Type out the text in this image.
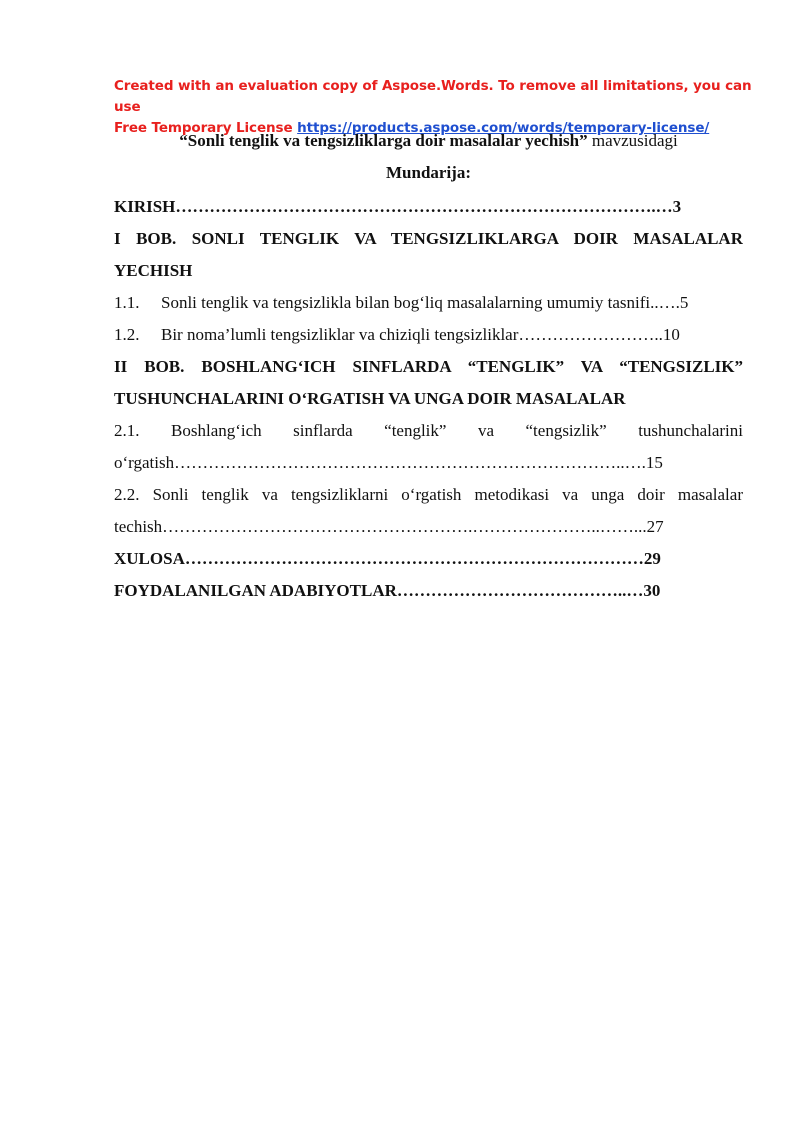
Created with an evaluation copy of Aspose.Words. To remove all limitations, you can use
Free Temporary License https://products.aspose.com/words/temporary-license/
“Sonli tenglik va tengsizliklarga doir masalalar yechish” mavzusidagi
Mundarija:
KIRISH………………………………………………………………………….…3
I BOB. SONLI TENGLIK VA TENGSIZLIKLARGA DOIR MASALALAR
YECHISH
1.1. Sonli tenglik va tengsizlikla bilan bog‘liq masalalarning umumiy tasnifi..….5
1.2. Bir noma’lumli tengsizliklar va chiziqli tengsizliklar……………………..10
II BOB. BOSHLANG‘ICH SINFLARDA “TENGLIK” VA “TENGSIZLIK”
TUSHUNCHALARINI O‘RGATISH VA UNGA DOIR MASALALAR
2.1. Boshlang‘ich sinflarda “tenglik” va “tengsizlik” tushunchalarini
o‘rgatish……………………………………………………………………..….15
2.2. Sonli tenglik va tengsizliklarni o‘rgatish metodikasi va unga doir masalalar
techish……………………………………………….…………………..……...27
XULOSA………………………………………………………………………29
FOYDALANILGAN ADABIYOTLAR…………………………………..…30
